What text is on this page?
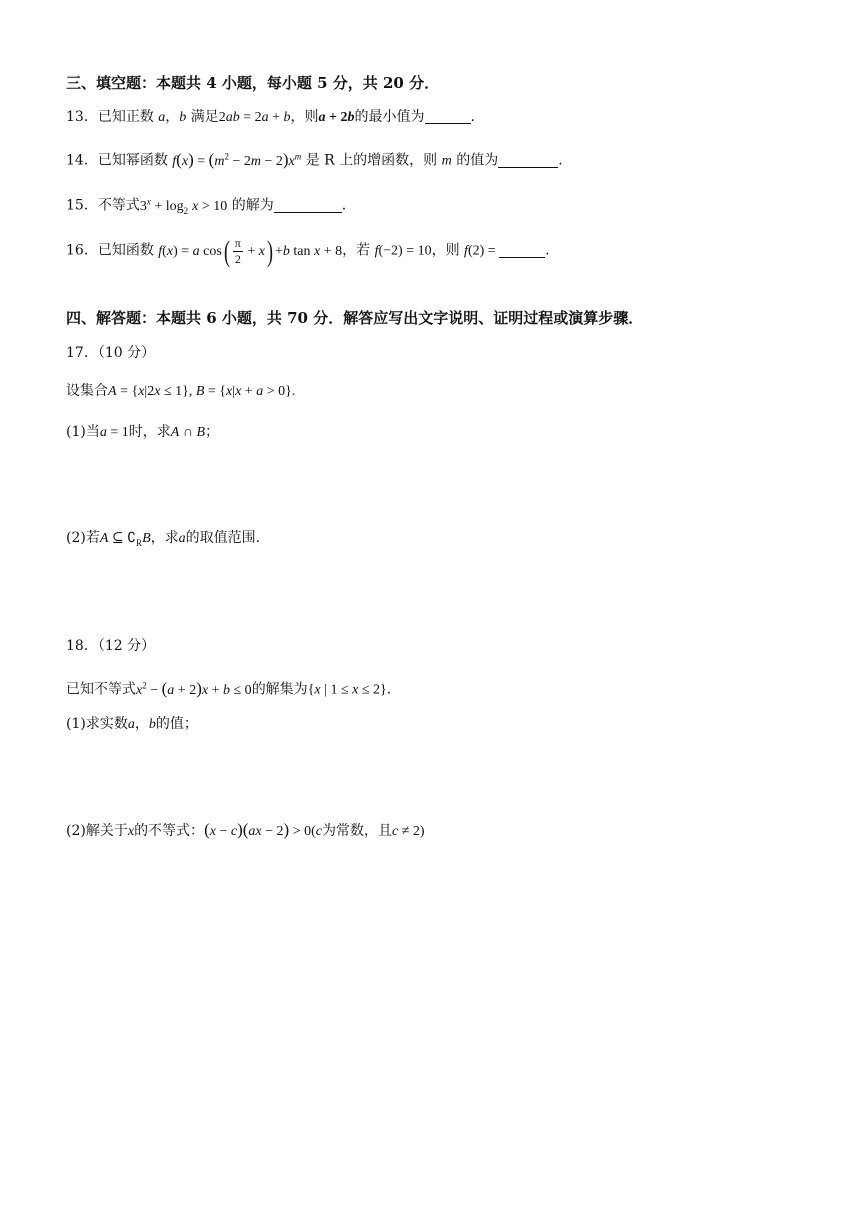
三、填空题：本题共 4 小题，每小题 5 分，共 20 分．
13．已知正数 a，b 满足2ab = 2a + b，则a + 2b的最小值为	.
14．已知幂函数 $f(x) = (m^2 - 2m - 2)x^m$ 是 R 上的增函数，则 m 的值为	.
15．不等式$3^x + \log_2 x > 10$ 的解为	.
16．已知函数 f(x) = a $\cos( \frac{\pi}{2} + x) +b$ tan x + 8，若 f(−2) = 10，则 f(2) =	.
四、解答题：本题共 6 小题，共 70 分．解答应写出文字说明、证明过程或演算步骤．
17．（10 分）
设集合A = {x|2x ≤ 1}, B = {x|x + a > 0}.
(1)当a = 1时，求A ∩ B；
(2)若A ⊆ $∁_RB$，求a的取值范围.
18．（12 分）
已知不等式$x^2 - (a + 2)x + b \le 0$的解集为{x | 1 ≤ x ≤ 2}.
(1)求实数a，b的值；
(2)解关于x的不等式：(x − c)(ax − 2) > 0(c为常数，且c ≠ 2)
